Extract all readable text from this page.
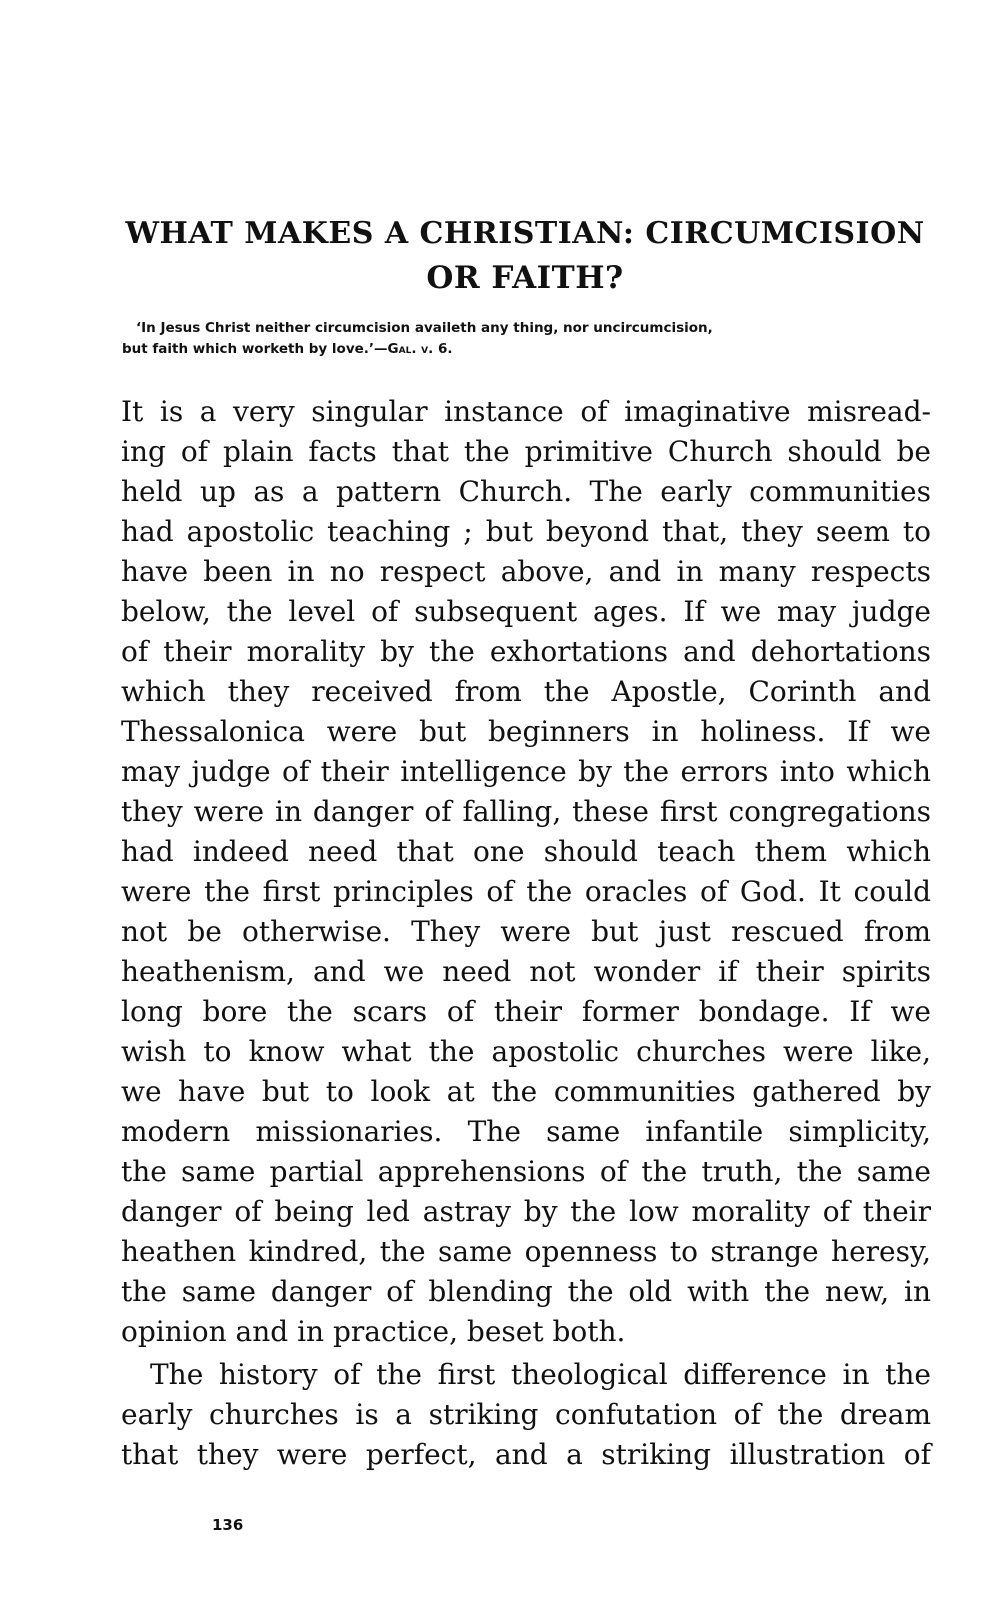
WHAT MAKES A CHRISTIAN: CIRCUMCISION
OR FAITH?
‘In Jesus Christ neither circumcision availeth any thing, nor uncircumcision,
but faith which worketh by love.’—Gal. v. 6.
It is a very singular instance of imaginative misread-
ing of plain facts that the primitive Church should be
held up as a pattern Church. The early communities
had apostolic teaching ; but beyond that, they seem to
have been in no respect above, and in many respects
below, the level of subsequent ages. If we may judge
of their morality by the exhortations and dehortations
which they received from the Apostle, Corinth and
Thessalonica were but beginners in holiness. If we
may judge of their intelligence by the errors into which
they were in danger of falling, these first congregations
had indeed need that one should teach them which
were the first principles of the oracles of God. It could
not be otherwise. They were but just rescued from
heathenism, and we need not wonder if their spirits
long bore the scars of their former bondage. If we
wish to know what the apostolic churches were like,
we have but to look at the communities gathered by
modern missionaries. The same infantile simplicity,
the same partial apprehensions of the truth, the same
danger of being led astray by the low morality of their
heathen kindred, the same openness to strange heresy,
the same danger of blending the old with the new, in
opinion and in practice, beset both.
The history of the first theological difference in the
early churches is a striking confutation of the dream
that they were perfect, and a striking illustration of
136
